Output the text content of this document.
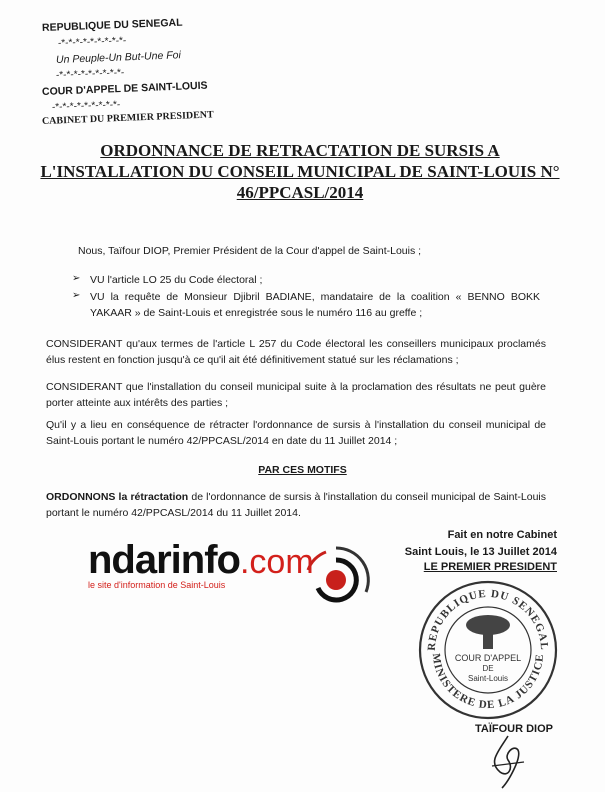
REPUBLIQUE DU SENEGAL
-*-*-*-*-*-*-*-*-*-
Un Peuple-Un But-Une Foi
-*-*-*-*-*-*-*-*-*-
COUR D'APPEL DE SAINT-LOUIS
-*-*-*-*-*-*-*-*-*-
CABINET DU PREMIER PRESIDENT
ORDONNANCE DE RETRACTATION DE SURSIS A L'INSTALLATION DU CONSEIL MUNICIPAL DE SAINT-LOUIS N° 46/PPCASL/2014
Nous, Taïfour DIOP, Premier Président de la Cour d'appel de Saint-Louis ;
➢ VU l'article LO 25 du Code électoral ;
➢ VU la requête de Monsieur Djibril BADIANE, mandataire de la coalition « BENNO BOKK YAKAAR » de Saint-Louis et enregistrée sous le numéro 116 au greffe ;
CONSIDERANT qu'aux termes de l'article L 257 du Code électoral les conseillers municipaux proclamés élus restent en fonction jusqu'à ce qu'il ait été définitivement statué sur les réclamations ;
CONSIDERANT que l'installation du conseil municipal suite à la proclamation des résultats ne peut guère porter atteinte aux intérêts des parties ;
Qu'il y a lieu en conséquence de rétracter l'ordonnance de sursis à l'installation du conseil municipal de Saint-Louis portant le numéro 42/PPCASL/2014 en date du 11 Juillet 2014 ;
PAR CES MOTIFS
ORDONNONS la rétractation de l'ordonnance de sursis à l'installation du conseil municipal de Saint-Louis portant le numéro 42/PPCASL/2014 du 11 Juillet 2014.
Fait en notre Cabinet
Saint Louis, le 13 Juillet 2014
LE PREMIER PRESIDENT
REPUBLIQUE DU SENEGAL
MINISTERE DE LA JUSTICE
COUR D'APPEL
DE
Saint-Louis
TAÏFOUR DIOP
ndarinfo.com
le site d'information de Saint-Louis
